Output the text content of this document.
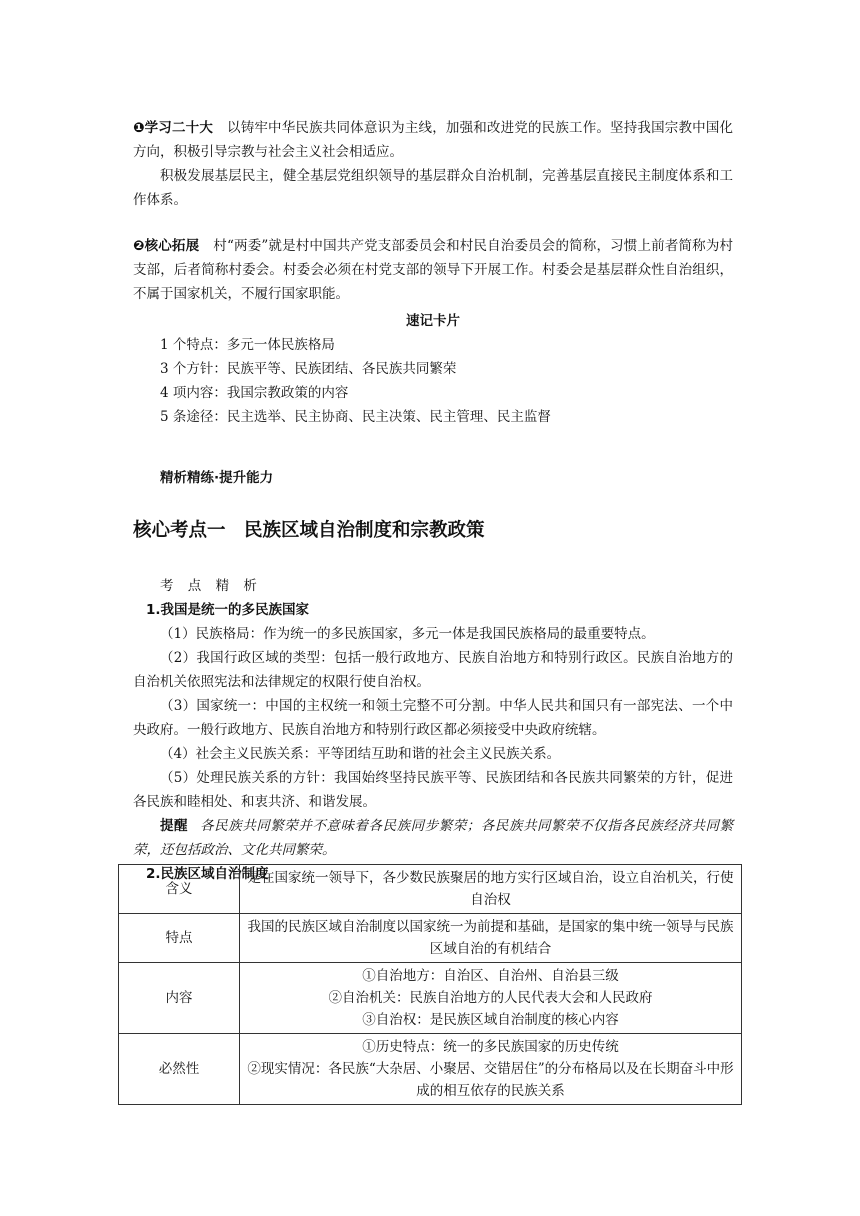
❶学习二十大 以铸牢中华民族共同体意识为主线，加强和改进党的民族工作。坚持我国宗教中国化方向，积极引导宗教与社会主义社会相适应。

积极发展基层民主，健全基层党组织领导的基层群众自治机制，完善基层直接民主制度体系和工作体系。

❷核心拓展 村“两委”就是村中国共产党支部委员会和村民自治委员会的简称，习惯上前者简称为村支部，后者简称村委会。村委会必须在村党支部的领导下开展工作。村委会是基层群众性自治组织，不属于国家机关，不履行国家职能。

速记卡片
1 个特点：多元一体民族格局
3 个方针：民族平等、民族团结、各民族共同繁荣
4 项内容：我国宗教政策的内容
5 条途径：民主选举、民主协商、民主决策、民主管理、民主监督
精析精练·提升能力
核心考点一　民族区域自治制度和宗教政策

考 点 精 析

1.我国是统一的多民族国家

（1）民族格局：作为统一的多民族国家，多元一体是我国民族格局的最重要特点。

（2）我国行政区域的类型：包括一般行政地方、民族自治地方和特别行政区。民族自治地方的自治机关依照宪法和法律规定的权限行使自治权。

（3）国家统一：中国的主权统一和领土完整不可分割。中华人民共和国只有一部宪法、一个中央政府。一般行政地方、民族自治地方和特别行政区都必须接受中央政府统辖。

（4）社会主义民族关系：平等团结互助和谐的社会主义民族关系。

（5）处理民族关系的方针：我国始终坚持民族平等、民族团结和各民族共同繁荣的方针，促进各民族和睦相处、和衷共济、和谐发展。

提醒 各民族共同繁荣并不意味着各民族同步繁荣；各民族共同繁荣不仅指各民族经济共同繁荣，还包括政治、文化共同繁荣。

2.民族区域自治制度

含义	是在国家统一领导下，各少数民族聚居的地方实行区域自治，设立自治机关，行使自治权
特点	我国的民族区域自治制度以国家统一为前提和基础，是国家的集中统一领导与民族区域自治的有机结合
内容	①自治地方：自治区、自治州、自治县三级
②自治机关：民族自治地方的人民代表大会和人民政府
③自治权：是民族区域自治制度的核心内容

必然性	①历史特点：统一的多民族国家的历史传统
②现实情况：各民族“大杂居、小聚居、交错居住”的分布格局以及在长期奋斗中形成的相互依存的民族关系
